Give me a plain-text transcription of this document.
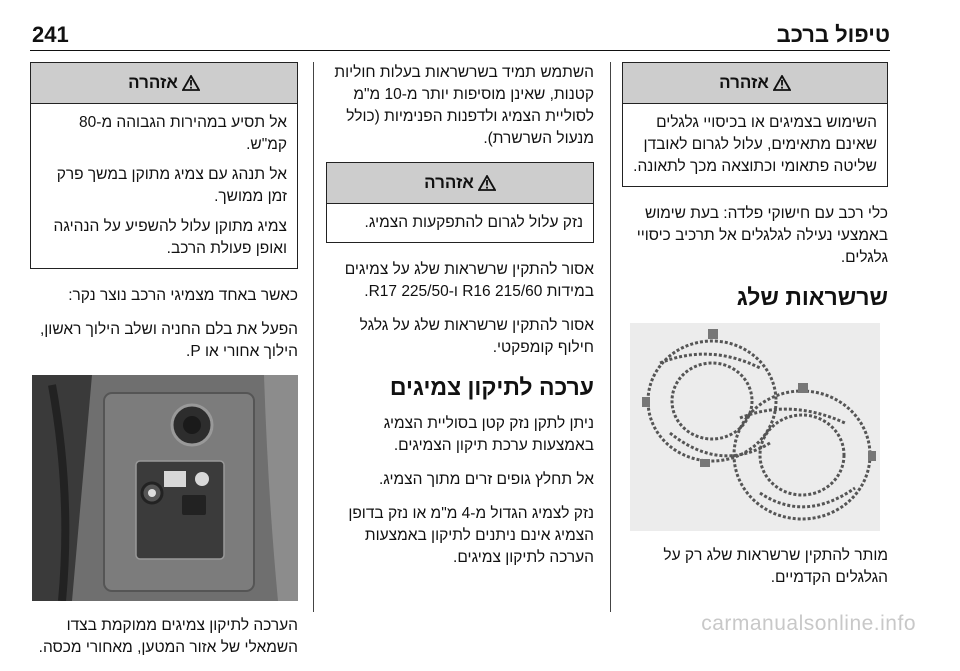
241	טיפול ברכב
אזהרה

השימוש בצמיגים או בכיסויי גלגלים שאינם מתאימים, עלול לגרום לאובדן שליטה פתאומי וכתוצאה מכך לתאונה.

כלי רכב עם חישוקי פלדה: בעת שימוש באמצעי נעילה לגלגלים אל תרכיב כיסויי גלגלים.

שרשראות שלג

מותר להתקין שרשראות שלג רק על הגלגלים הקדמיים.

השתמש תמיד בשרשראות בעלות חוליות קטנות, שאינן מוסיפות יותר מ-10 מ"מ לסוליית הצמיג ולדפנות הפנימיות (כולל מנעול השרשרת).

אזהרה

נזק עלול לגרום להתפקעות הצמיג.

אסור להתקין שרשראות שלג על צמיגים במידות 215/60 R16 ו-225/50 R17.

אסור להתקין שרשראות שלג על גלגל חילוף קומפקטי.

ערכה לתיקון צמיגים

ניתן לתקן נזק קטן בסוליית הצמיג באמצעות ערכת תיקון הצמיגים.

אל תחלץ גופים זרים מתוך הצמיג.

נזק לצמיג הגדול מ-4 מ"מ או נזק בדופן הצמיג אינם ניתנים לתיקון באמצעות הערכה לתיקון צמיגים.

אזהרה

אל תסיע במהירות הגבוהה מ-80 קמ"ש.

אל תנהג עם צמיג מתוקן במשך פרק זמן ממושך.

צמיג מתוקן עלול להשפיע על הנהיגה ואופן פעולת הרכב.

כאשר באחד מצמיגי הרכב נוצר נקר:

הפעל את בלם החניה ושלב הילוך ראשון, הילוך אחורי או P.

הערכה לתיקון צמיגים ממוקמת בצדו השמאלי של אזור המטען, מאחורי מכסה.

carmanualsonline.info
